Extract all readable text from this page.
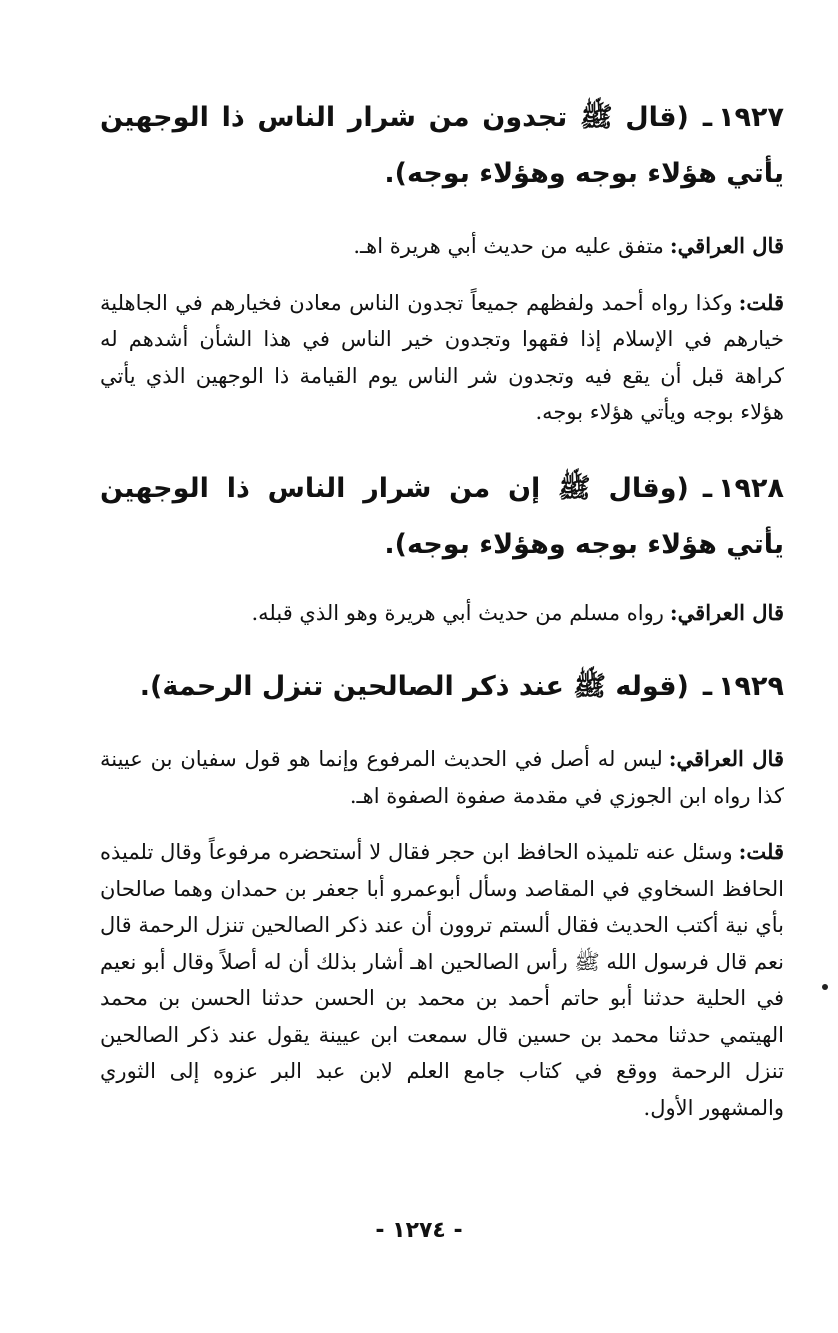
١٩٢٧ـ(قال ﷺ تجدون من شرار الناس ذا الوجهين يأتي هؤلاء بوجه وهؤلاء بوجه).

قال العراقي:متفق عليه من حديث أبي هريرة اهـ.

قلت:وكذا رواه أحمد ولفظهم جميعاً تجدون الناس معادن فخيارهم في الجاهلية خيارهم في الإسلام إذا فقهوا وتجدون خير الناس في هذا الشأن أشدهم له كراهة قبل أن يقع فيه وتجدون شر الناس يوم القيامة ذا الوجهين الذي يأتي هؤلاء بوجه ويأتي هؤلاء بوجه.

١٩٢٨ـ(وقال ﷺ إن من شرار الناس ذا الوجهين يأتي هؤلاء بوجه وهؤلاء بوجه).

قال العراقي:رواه مسلم من حديث أبي هريرة وهو الذي قبله.

١٩٢٩ـ(قوله ﷺ عند ذكر الصالحين تنزل الرحمة).

قال العراقي:ليس له أصل في الحديث المرفوع وإنما هو قول سفيان بن عيينة كذا رواه ابن الجوزي في مقدمة صفوة الصفوة اهـ.

قلت:وسئل عنه تلميذه الحافظ ابن حجر فقال لا أستحضره مرفوعاً وقال تلميذه الحافظ السخاوي في المقاصد وسأل أبوعمرو أبا جعفر بن حمدان وهما صالحان بأي نية أكتب الحديث فقال ألستم تروون أن عند ذكر الصالحين تنزل الرحمة قال نعم قال فرسول الله ﷺ رأس الصالحين اهـ أشار بذلك أن له أصلاً وقال أبو نعيم في الحلية حدثنا أبو حاتم أحمد بن محمد بن الحسن حدثنا الحسن بن محمد الهيتمي حدثنا محمد بن حسين قال سمعت ابن عيينة يقول عند ذكر الصالحين تنزل الرحمة ووقع في كتاب جامع العلم لابن عبد البر عزوه إلى الثوري والمشهور الأول.

- ١٢٧٤ -
